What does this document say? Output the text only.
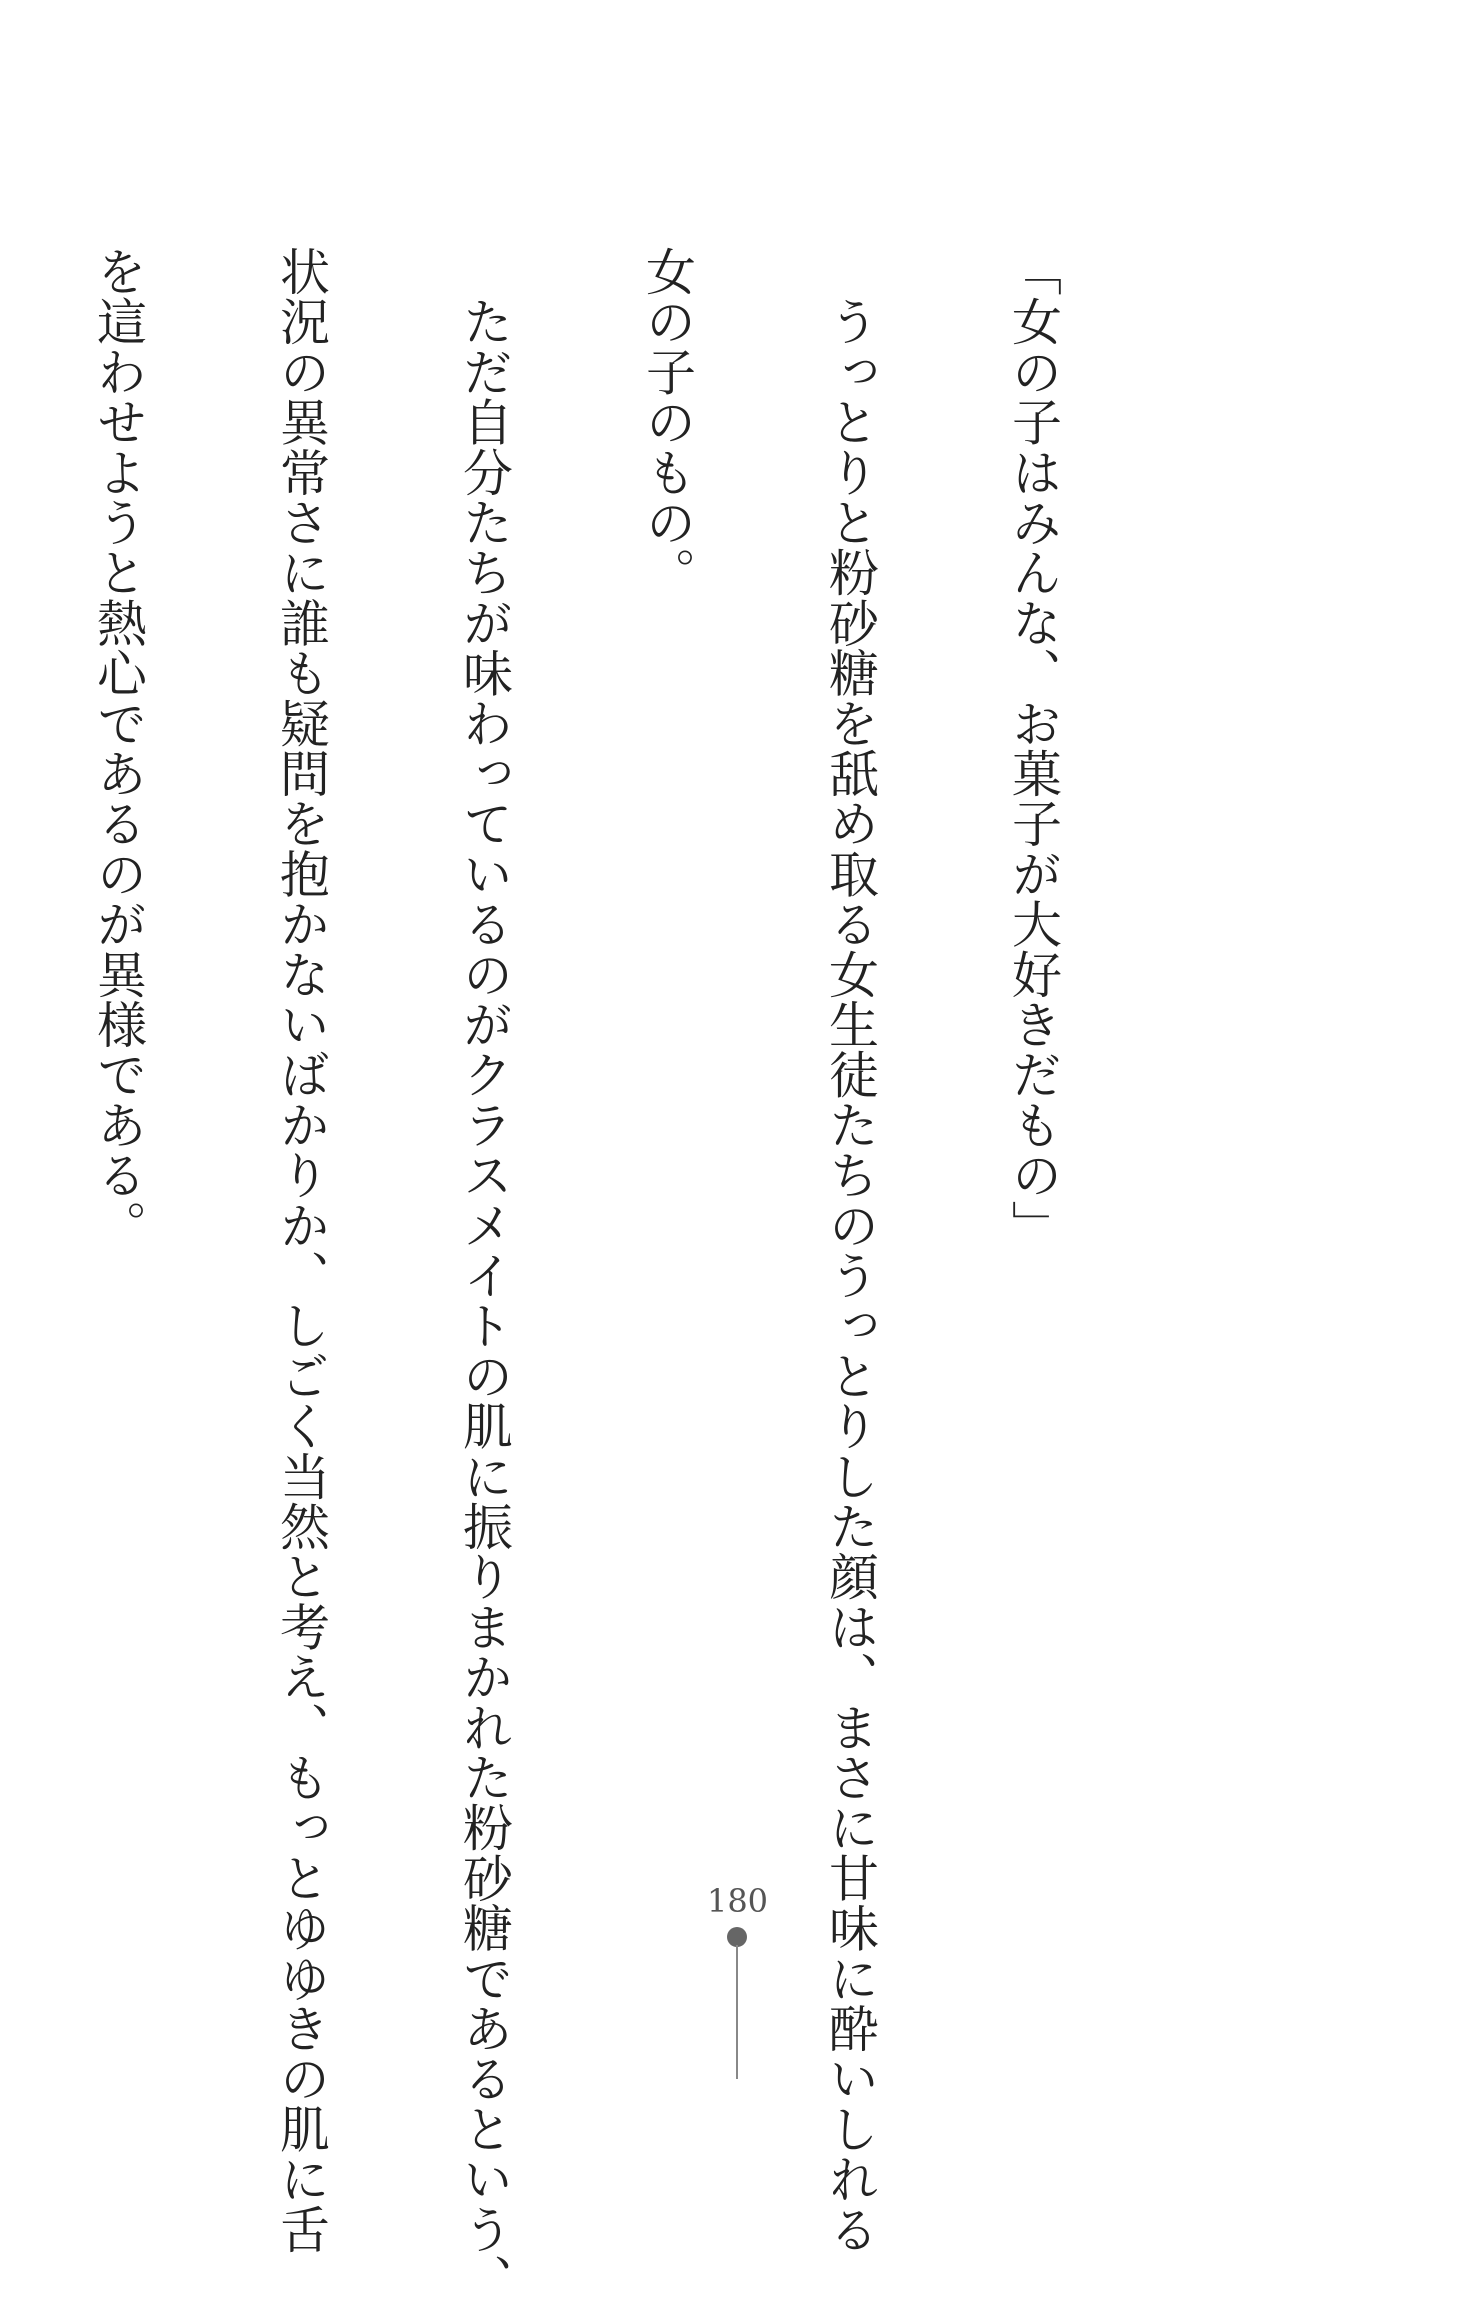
「女の子はみんな、お菓子が大好きだもの」

　うっとりと粉砂糖を舐め取る女生徒たちのうっとりした顔は、まさに甘味に酔いしれる

女の子のもの。

　ただ自分たちが味わっているのがクラスメイトの肌に振りまかれた粉砂糖であるという、

状況の異常さに誰も疑問を抱かないばかりか、しごく当然と考え、もっとゆゆきの肌に舌

を這わせようと熱心であるのが異様である。

180
